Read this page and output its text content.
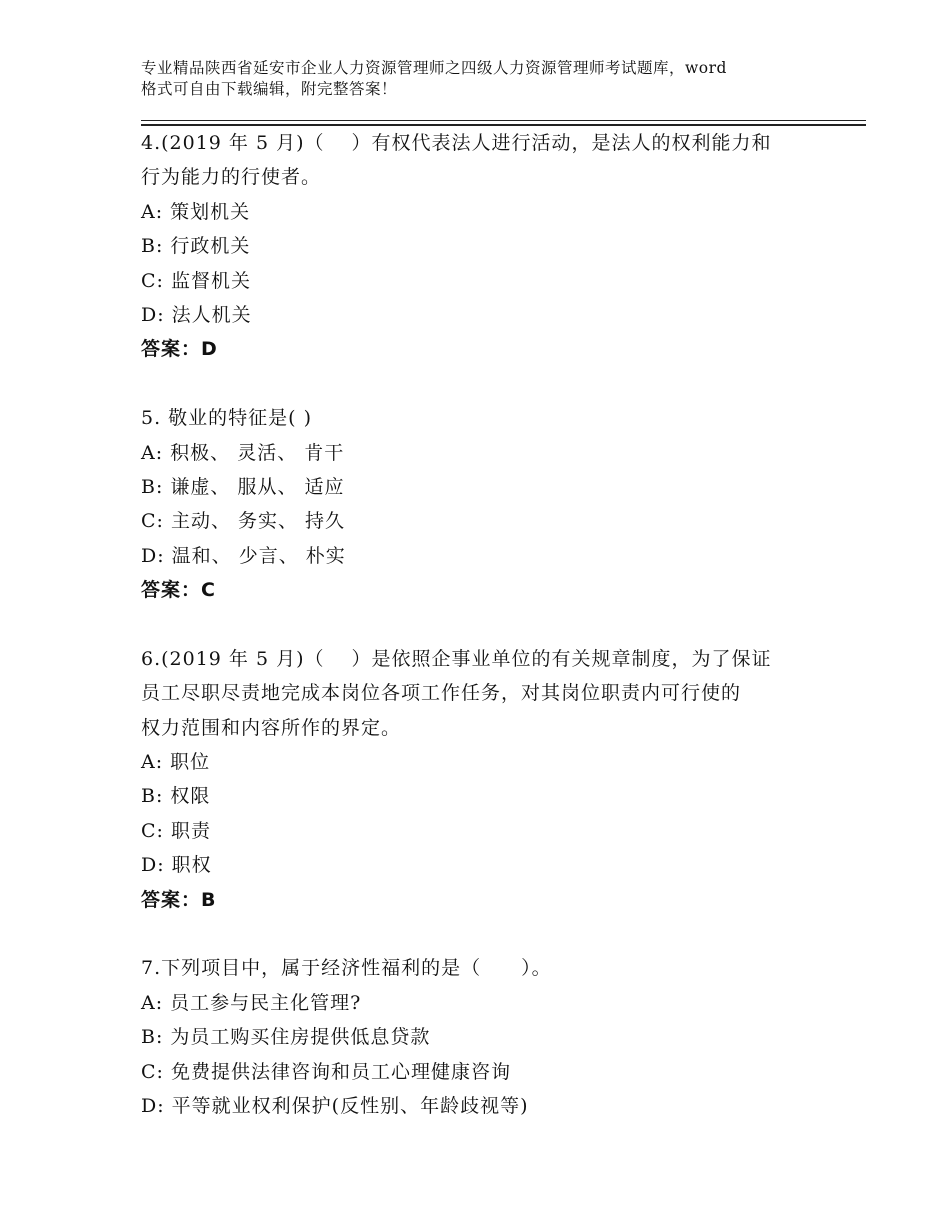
专业精品陕西省延安市企业人力资源管理师之四级人力资源管理师考试题库，word
格式可自由下载编辑，附完整答案！
4.(2019 年 5 月)（　 ）有权代表法人进行活动，是法人的权利能力和
行为能力的行使者。
A: 策划机关
B: 行政机关
C: 监督机关
D: 法人机关
答案：D
5. 敬业的特征是( )
A: 积极、 灵活、 肯干
B: 谦虚、 服从、 适应
C: 主动、 务实、 持久
D: 温和、 少言、 朴实
答案：C
6.(2019 年 5 月)（　 ）是依照企事业单位的有关规章制度，为了保证
员工尽职尽责地完成本岗位各项工作任务，对其岗位职责内可行使的
权力范围和内容所作的界定。
A: 职位
B: 权限
C: 职责
D: 职权
答案：B
7.下列项目中，属于经济性福利的是（　　）。
A: 员工参与民主化管理?
B: 为员工购买住房提供低息贷款
C: 免费提供法律咨询和员工心理健康咨询
D: 平等就业权利保护(反性别、年龄歧视等)
